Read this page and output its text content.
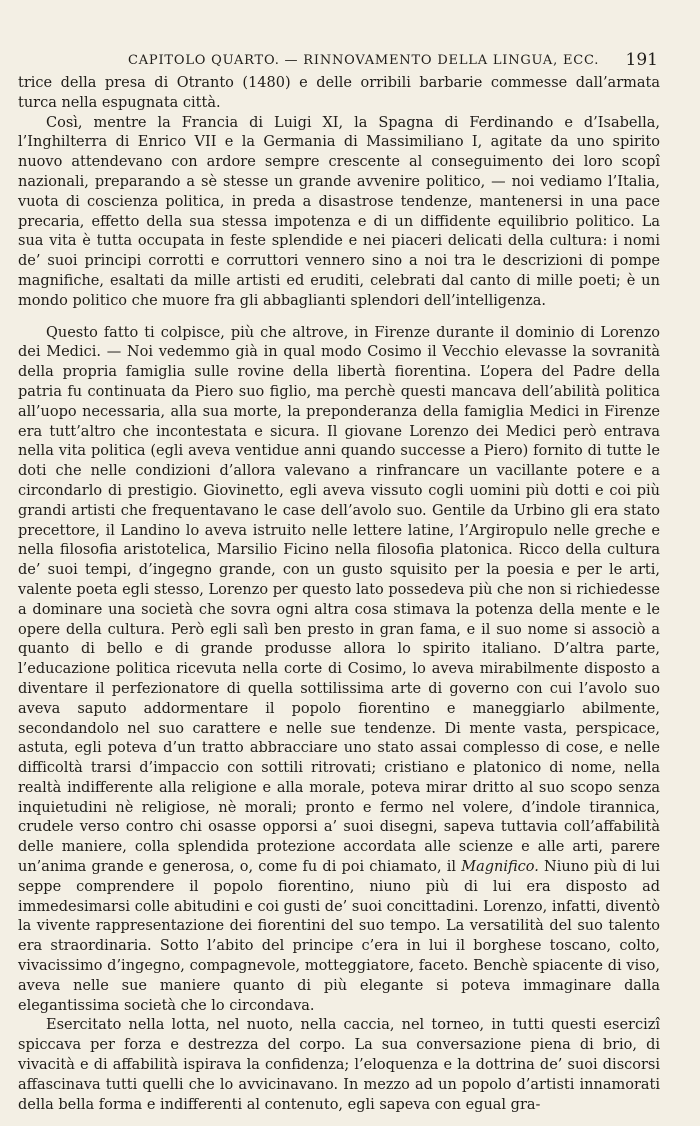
CAPITOLO QUARTO. — RINNOVAMENTO DELLA LINGUA, ECC. 191

trice della presa di Otranto (1480) e delle orribili barbarie commesse dall’armata turca nella espugnata città.

Così, mentre la Francia di Luigi XI, la Spagna di Ferdinando e d’Isabella, l’Inghilterra di Enrico VII e la Germania di Massimiliano I, agitate da uno spirito nuovo attendevano con ardore sempre crescente al conseguimento dei loro scopî nazionali, preparando a sè stesse un grande avvenire politico, — noi vediamo l’Italia, vuota di coscienza politica, in preda a disastrose tendenze, mantenersi in una pace precaria, effetto della sua stessa impotenza e di un diffidente equilibrio politico. La sua vita è tutta occupata in feste splendide e nei piaceri delicati della cultura: i nomi de’ suoi principi corrotti e corruttori vennero sino a noi tra le descrizioni di pompe magnifiche, esaltati da mille artisti ed eruditi, celebrati dal canto di mille poeti; è un mondo politico che muore fra gli abbaglianti splendori dell’intelligenza.

Questo fatto ti colpisce, più che altrove, in Firenze durante il dominio di Lorenzo dei Medici. — Noi vedemmo già in qual modo Cosimo il Vecchio elevasse la sovranità della propria famiglia sulle rovine della libertà fiorentina. L’opera del Padre della patria fu continuata da Piero suo figlio, ma perchè questi mancava dell’abilità politica all’uopo necessaria, alla sua morte, la preponderanza della famiglia Medici in Firenze era tutt’altro che incontestata e sicura. Il giovane Lorenzo dei Medici però entrava nella vita politica (egli aveva ventidue anni quando successe a Piero) fornito di tutte le doti che nelle condizioni d’allora valevano a rinfrancare un vacillante potere e a circondarlo di prestigio. Giovinetto, egli aveva vissuto cogli uomini più dotti e coi più grandi artisti che frequentavano le case dell’avolo suo. Gentile da Urbino gli era stato precettore, il Landino lo aveva istruito nelle lettere latine, l’Argiropulo nelle greche e nella filosofia aristotelica, Marsilio Ficino nella filosofia platonica. Ricco della cultura de’ suoi tempi, d’ingegno grande, con un gusto squisito per la poesia e per le arti, valente poeta egli stesso, Lorenzo per questo lato possedeva più che non si richiedesse a dominare una società che sovra ogni altra cosa stimava la potenza della mente e le opere della cultura. Però egli salì ben presto in gran fama, e il suo nome si associò a quanto di bello e di grande produsse allora lo spirito italiano. D’altra parte, l’educazione politica ricevuta nella corte di Cosimo, lo aveva mirabilmente disposto a diventare il perfezionatore di quella sottilissima arte di governo con cui l’avolo suo aveva saputo addormentare il popolo fiorentino e maneggiarlo abilmente, secondandolo nel suo carattere e nelle sue tendenze. Di mente vasta, perspicace, astuta, egli poteva d’un tratto abbracciare uno stato assai complesso di cose, e nelle difficoltà trarsi d’impaccio con sottili ritrovati; cristiano e platonico di nome, nella realtà indifferente alla religione e alla morale, poteva mirar dritto al suo scopo senza inquietudini nè religiose, nè morali; pronto e fermo nel volere, d’indole tirannica, crudele verso contro chi osasse opporsi a’ suoi disegni, sapeva tuttavia coll’affabilità delle maniere, colla splendida protezione accordata alle scienze e alle arti, parere un’anima grande e generosa, o, come fu di poi chiamato, il Magnifico. Niuno più di lui seppe comprendere il popolo fiorentino, niuno più di lui era disposto ad immedesimarsi colle abitudini e coi gusti de’ suoi concittadini. Lorenzo, infatti, diventò la vivente rappresentazione dei fiorentini del suo tempo. La versatilità del suo talento era straordinaria. Sotto l’abito del principe c’era in lui il borghese toscano, colto, vivacissimo d’ingegno, compagnevole, motteggiatore, faceto. Benchè spiacente di viso, aveva nelle sue maniere quanto di più elegante si poteva immaginare dalla elegantissima società che lo circondava.

Esercitato nella lotta, nel nuoto, nella caccia, nel torneo, in tutti questi esercizî spiccava per forza e destrezza del corpo. La sua conversazione piena di brio, di vivacità e di affabilità ispirava la confidenza; l’eloquenza e la dottrina de’ suoi discorsi affascinava tutti quelli che lo avvicinavano. In mezzo ad un popolo d’artisti innamorati della bella forma e indifferenti al contenuto, egli sapeva con egual gra-
